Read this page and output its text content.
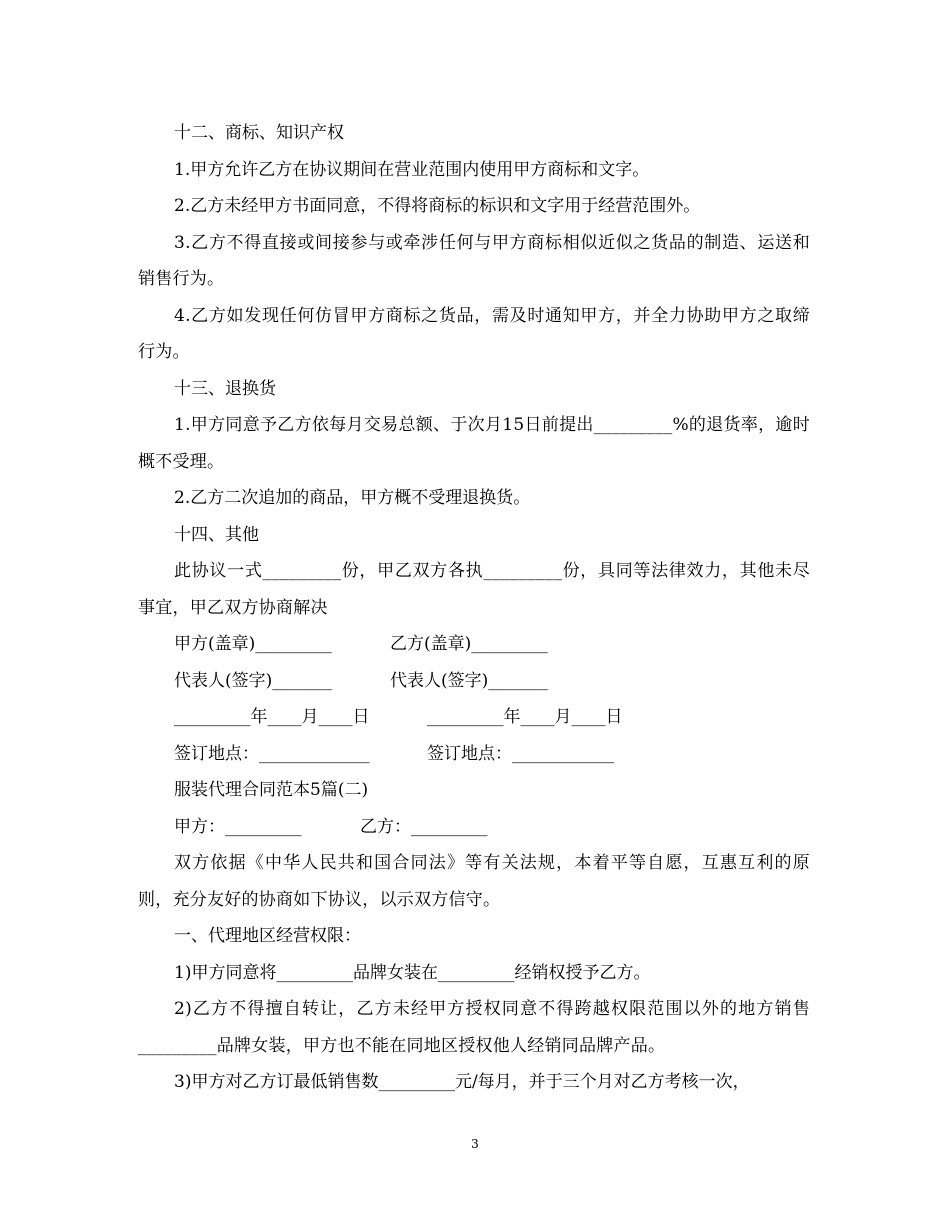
十二、商标、知识产权

1.甲方允许乙方在协议期间在营业范围内使用甲方商标和文字。

2.乙方未经甲方书面同意，不得将商标的标识和文字用于经营范围外。

3.乙方不得直接或间接参与或牵涉任何与甲方商标相似近似之货品的制造、运送和销售行为。

4.乙方如发现任何仿冒甲方商标之货品，需及时通知甲方，并全力协助甲方之取缔行为。

十三、退换货

1.甲方同意予乙方依每月交易总额、于次月15日前提出_________%的退货率，逾时概不受理。

2.乙方二次追加的商品，甲方概不受理退换货。

十四、其他

此协议一式_________份，甲乙双方各执_________份，具同等法律效力，其他未尽事宜，甲乙双方协商解决

甲方(盖章)_________	乙方(盖章)_________
代表人(签字)_______	代表人(签字)_______
_________年____月____日	_________年____月____日
签订地点：_____________	签订地点：____________

服装代理合同范本5篇(二)

甲方：_________	乙方：_________

双方依据《中华人民共和国合同法》等有关法规，本着平等自愿，互惠互利的原则，充分友好的协商如下协议，以示双方信守。

一、代理地区经营权限：

1)甲方同意将_________品牌女装在_________经销权授予乙方。

2)乙方不得擅自转让，乙方未经甲方授权同意不得跨越权限范围以外的地方销售_________品牌女装，甲方也不能在同地区授权他人经销同品牌产品。

3)甲方对乙方订最低销售数_________元/每月，并于三个月对乙方考核一次，

3
